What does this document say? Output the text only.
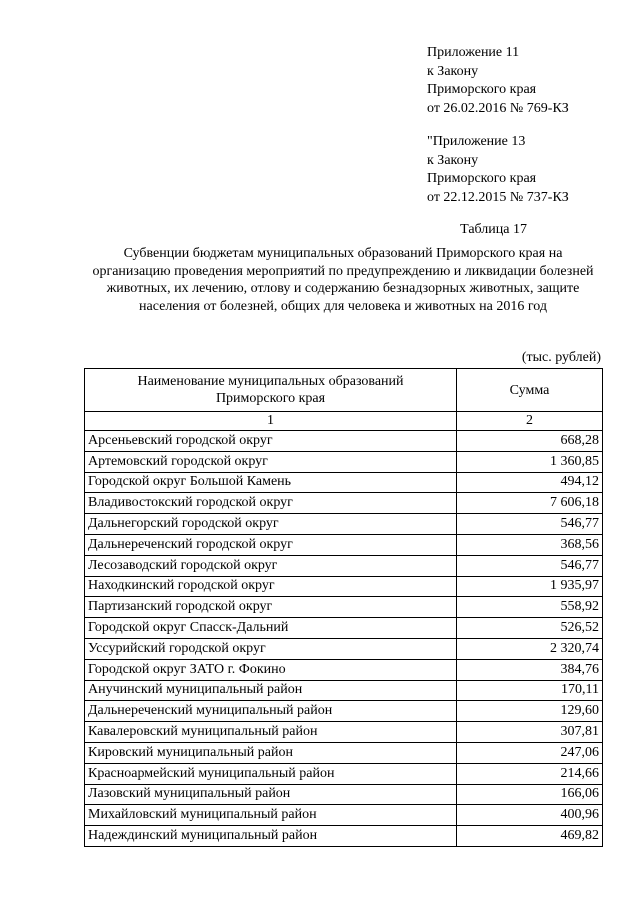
Приложение 11
к Закону
Приморского края
от 26.02.2016 № 769-КЗ
"Приложение 13
к Закону
Приморского края
от 22.12.2015 № 737-КЗ
Таблица 17
Субвенции бюджетам муниципальных образований Приморского края на организацию проведения мероприятий по предупреждению и ликвидации болезней животных, их лечению, отлову и содержанию безнадзорных животных, защите населения от болезней, общих для человека и животных на 2016 год
(тыс. рублей)
Наименование муниципальных образований Приморского края	Сумма
1	2
Арсеньевский городской округ	668,28
Артемовский городской округ	1 360,85
Городской округ Большой Камень	494,12
Владивостокский городской округ	7 606,18
Дальнегорский городской округ	546,77
Дальнереченский городской округ	368,56
Лесозаводский городской округ	546,77
Находкинский городской округ	1 935,97
Партизанский городской округ	558,92
Городской округ Спасск-Дальний	526,52
Уссурийский городской округ	2 320,74
Городской округ ЗАТО г. Фокино	384,76
Анучинский муниципальный район	170,11
Дальнереченский муниципальный район	129,60
Кавалеровский муниципальный район	307,81
Кировский муниципальный район	247,06
Красноармейский муниципальный район	214,66
Лазовский муниципальный район	166,06
Михайловский муниципальный район	400,96
Надеждинский муниципальный район	469,82
